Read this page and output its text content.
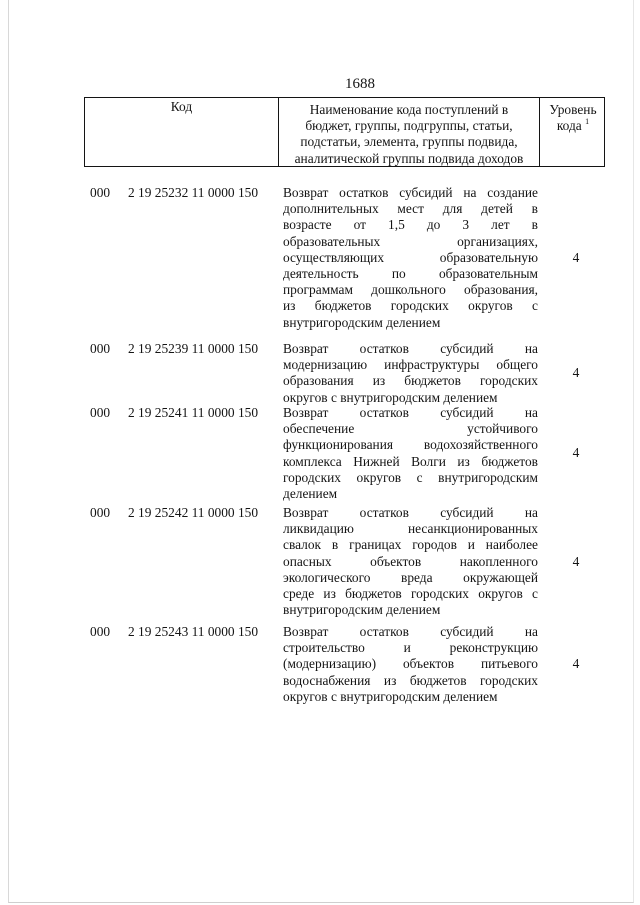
1688
Код	Наименование кода поступлений в
бюджет, группы, подгруппы, статьи,
подстатьи, элемента, группы подвида,
аналитической группы подвида доходов
Уровень
кода $^1$
000 2 19 25232 11 0000 150 Возврат остатков субсидий на создание
дополнительных мест для детей в
возрасте от 1,5 до 3 лет в
образовательных организациях,
осуществляющих образовательную
деятельность по образовательным
программам дошкольного образования,
из бюджетов городских округов с
внутригородским делением
4
000 2 19 25239 11 0000 150 Возврат остатков субсидий на
модернизацию инфраструктуры общего
образования из бюджетов городских
округов с внутригородским делением
4
000 2 19 25241 11 0000 150 Возврат остатков субсидий на
обеспечение устойчивого
функционирования водохозяйственного
комплекса Нижней Волги из бюджетов
городских округов с внутригородским
делением
4
000 2 19 25242 11 0000 150 Возврат остатков субсидий на
ликвидацию несанкционированных
свалок в границах городов и наиболее
опасных объектов накопленного
экологического вреда окружающей
среде из бюджетов городских округов с
внутригородским делением
4
000 2 19 25243 11 0000 150 Возврат остатков субсидий на
строительство и реконструкцию
(модернизацию) объектов питьевого
водоснабжения из бюджетов городских
округов с внутригородским делением
4
